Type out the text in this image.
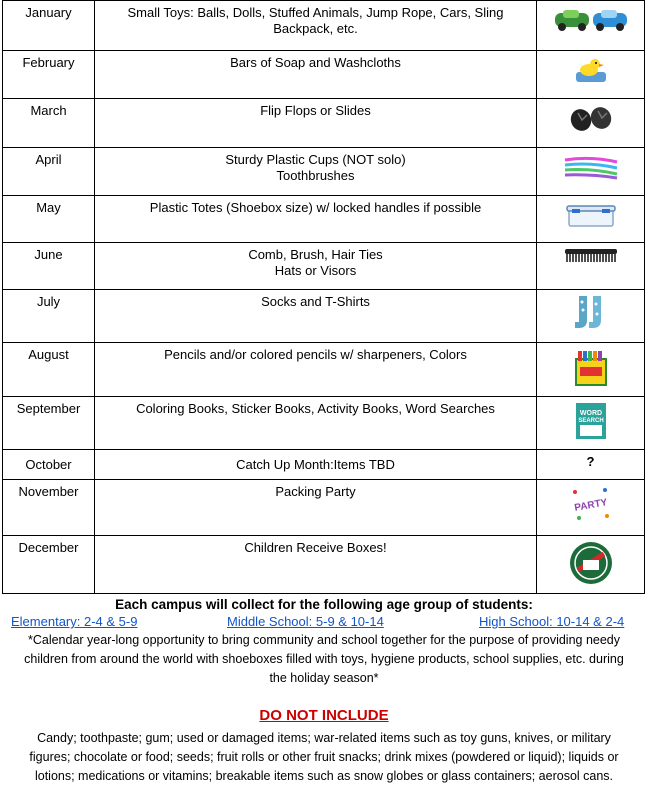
January	Small Toys: Balls, Dolls, Stuffed Animals, Jump Rope, Cars, Sling Backpack, etc.	
February	Bars of Soap and Washcloths	
March	Flip Flops or Slides	
April	Sturdy Plastic Cups (NOT solo)
Toothbrushes

May	Plastic Totes (Shoebox size) w/ locked handles if possible	
June	Comb, Brush, Hair Ties
Hats or Visors

July	Socks and T-Shirts	
August	Pencils and/or colored pencils w/ sharpeners, Colors	
September	Coloring Books, Sticker Books, Activity Books, Word Searches	WORD
SEARCH

October	Catch Up Month:Items TBD	?
November	Packing Party	PARTY

December	Children Receive Boxes!	
Each campus will collect for the following age group of students:
Elementary: 2-4 & 5-9	Middle School: 5-9 & 10-14	High School: 10-14 & 2-4
*Calendar year-long opportunity to bring community and school together for the purpose of providing needy children from around the world with shoeboxes filled with toys, hygiene products, school supplies, etc. during the holiday season*
DO NOT INCLUDE
Candy; toothpaste; gum; used or damaged items; war-related items such as toy guns, knives, or military figures; chocolate or food; seeds; fruit rolls or other fruit snacks; drink mixes (powdered or liquid); liquids or lotions; medications or vitamins; breakable items such as snow globes or glass containers; aerosol cans.
